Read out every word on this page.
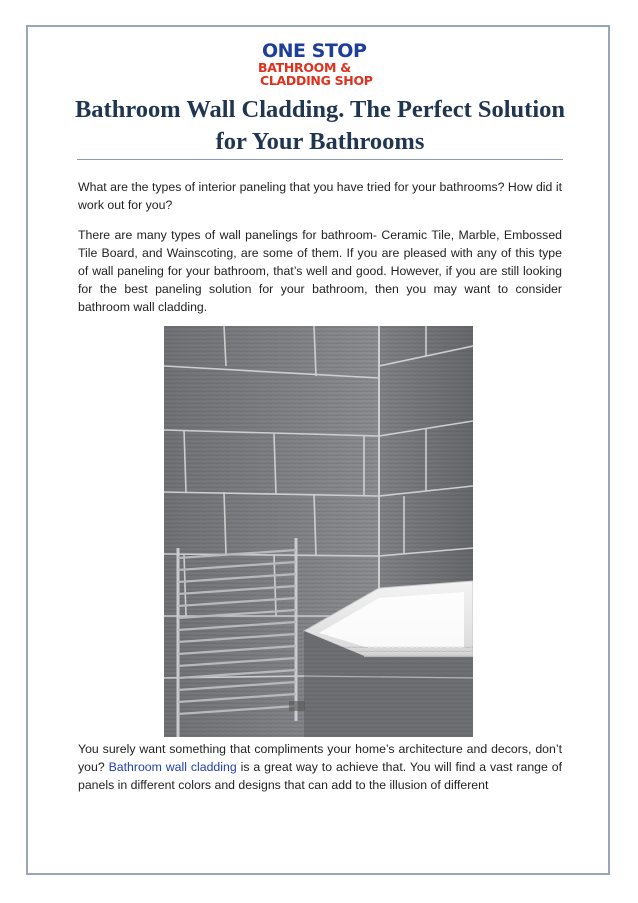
ONE STOP
BATHROOM &
CLADDING SHOP
Bathroom Wall Cladding. The Perfect Solution for Your Bathrooms

What are the types of interior paneling that you have tried for your bathrooms? How did it work out for you?

There are many types of wall panelings for bathroom- Ceramic Tile, Marble, Embossed Tile Board, and Wainscoting, are some of them. If you are pleased with any of this type of wall paneling for your bathroom, that’s well and good. However, if you are still looking for the best paneling solution for your bathroom, then you may want to consider bathroom wall cladding.

You surely want something that compliments your home’s architecture and decors, don’t you? Bathroom wall cladding is a great way to achieve that. You will find a vast range of panels in different colors and designs that can add to the illusion of different
